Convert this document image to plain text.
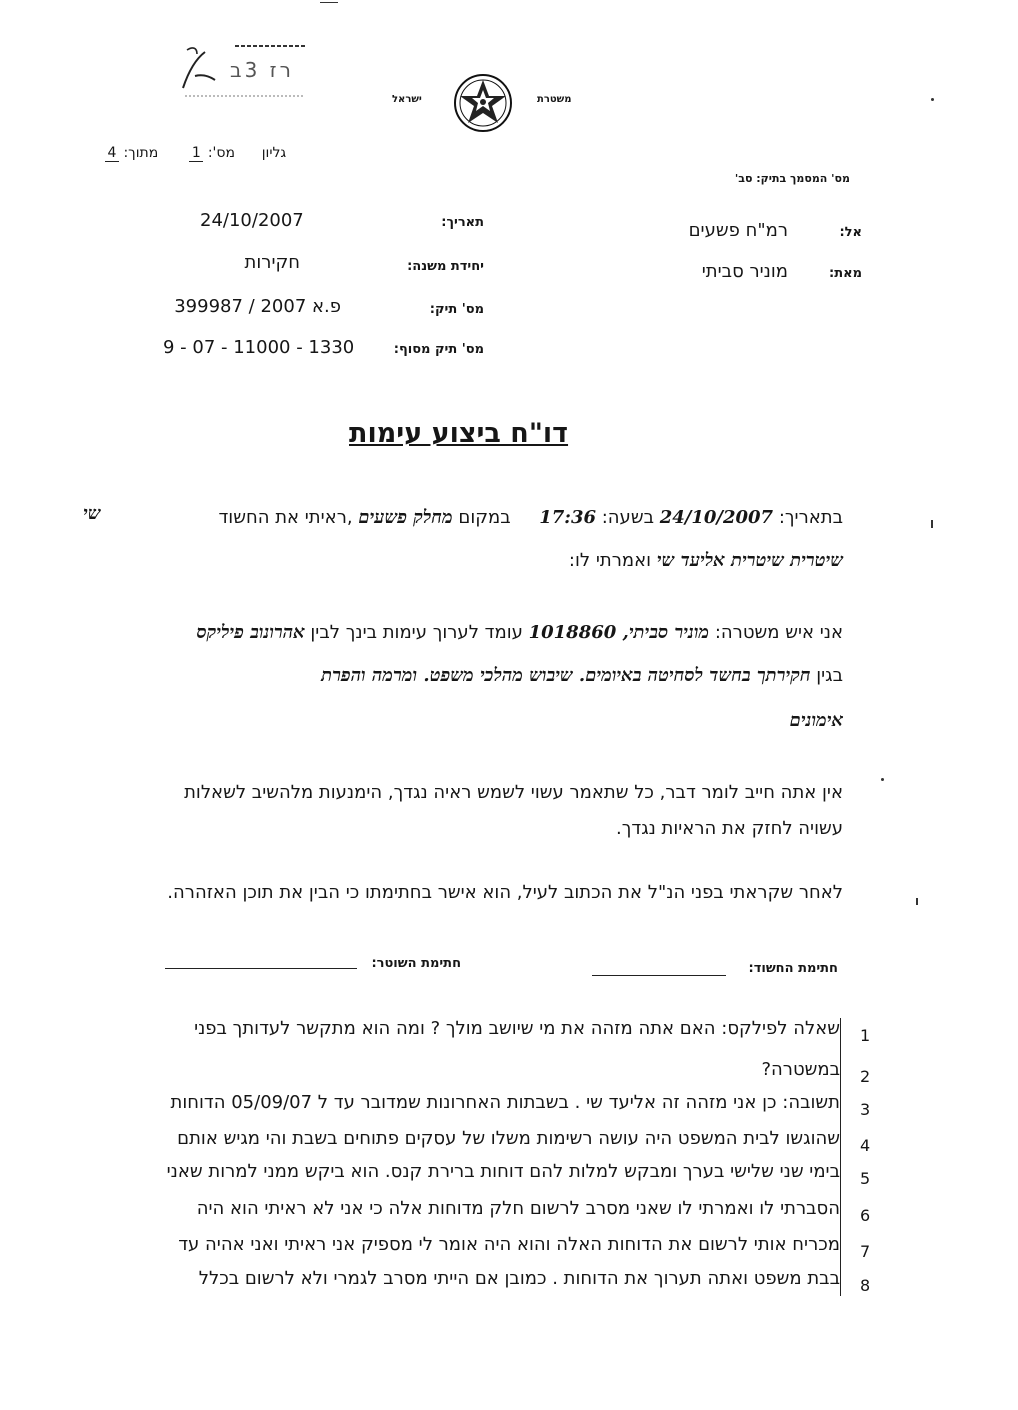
רז 3ב
ישראל	משטרת
גליון      מס': 1       מתוך: 4
מס' המסמך בתיק: סב'
תאריך:
24/10/2007
יחידת משנה:
חקירות
מס' תיק:
פ.א 2007 / 399987
מס' תיק מסוף:
9 - 07 - 11000 - 1330
אל:
רמ"ח פשעים
מאת:
מוניר סביתי
דו"ח ביצוע עימות
בתאריך: 24/10/2007 בשעה: 17:36     במקום מחלק פשעים ,ראיתי את החשוד
שי
שיטרית שיטרית אליעד שי ואמרתי לו:
אני איש משטרה: מוניר סביתי, 1018860 עומד לערוך עימות בינך לבין אהרונוב פיליקס
בגין חקירתך בחשד לסחיטה באיומים. שיבוש מהלכי משפט. ומרמה והפרת
אימונים
אין אתה חייב לומר דבר, כל שתאמר עשוי לשמש ראיה נגדך, הימנעות מלהשיב לשאלות
עשויה לחזק את הראיות נגדך.
לאחר שקראתי בפני הנ"ל את הכתוב לעיל, הוא אישר בחתימתו כי הבין את תוכן האזהרה.
חתימת החשוד:
חתימת השוטר:
1
שאלה לפילקס: האם אתה מזהה את מי שיושב מולך ? ומה הוא מתקשר לעדותך בפני
2
במשטרה?
3
תשובה: כן אני מזהה זה אליעד שי . בשבתות האחרונות שמדובר עד ל 05/09/07 הדוחות
4
שהוגשו לבית המשפט היה עושה רשימות משלו של עסקים פתוחים בשבת והי מגיש אותם
5
בימי שני שלישי בערך ומבקש למלות להם דוחות ברירת קנס. הוא ביקש ממני למרות שאני
6
הסברתי לו ואמרתי לו שאני מסרב לרשום חלק מדוחות אלה כי אני לא ראיתי הוא היה
7
מכריח אותי לרשום את הדוחות האלה והוא היה אומר לי מספיק אני ראיתי ואני אהיה עד
8
בבת משפט ואתה תערוך את הדוחות . כמובן אם הייתי מסרב לגמרי ולא לרשום בכלל
